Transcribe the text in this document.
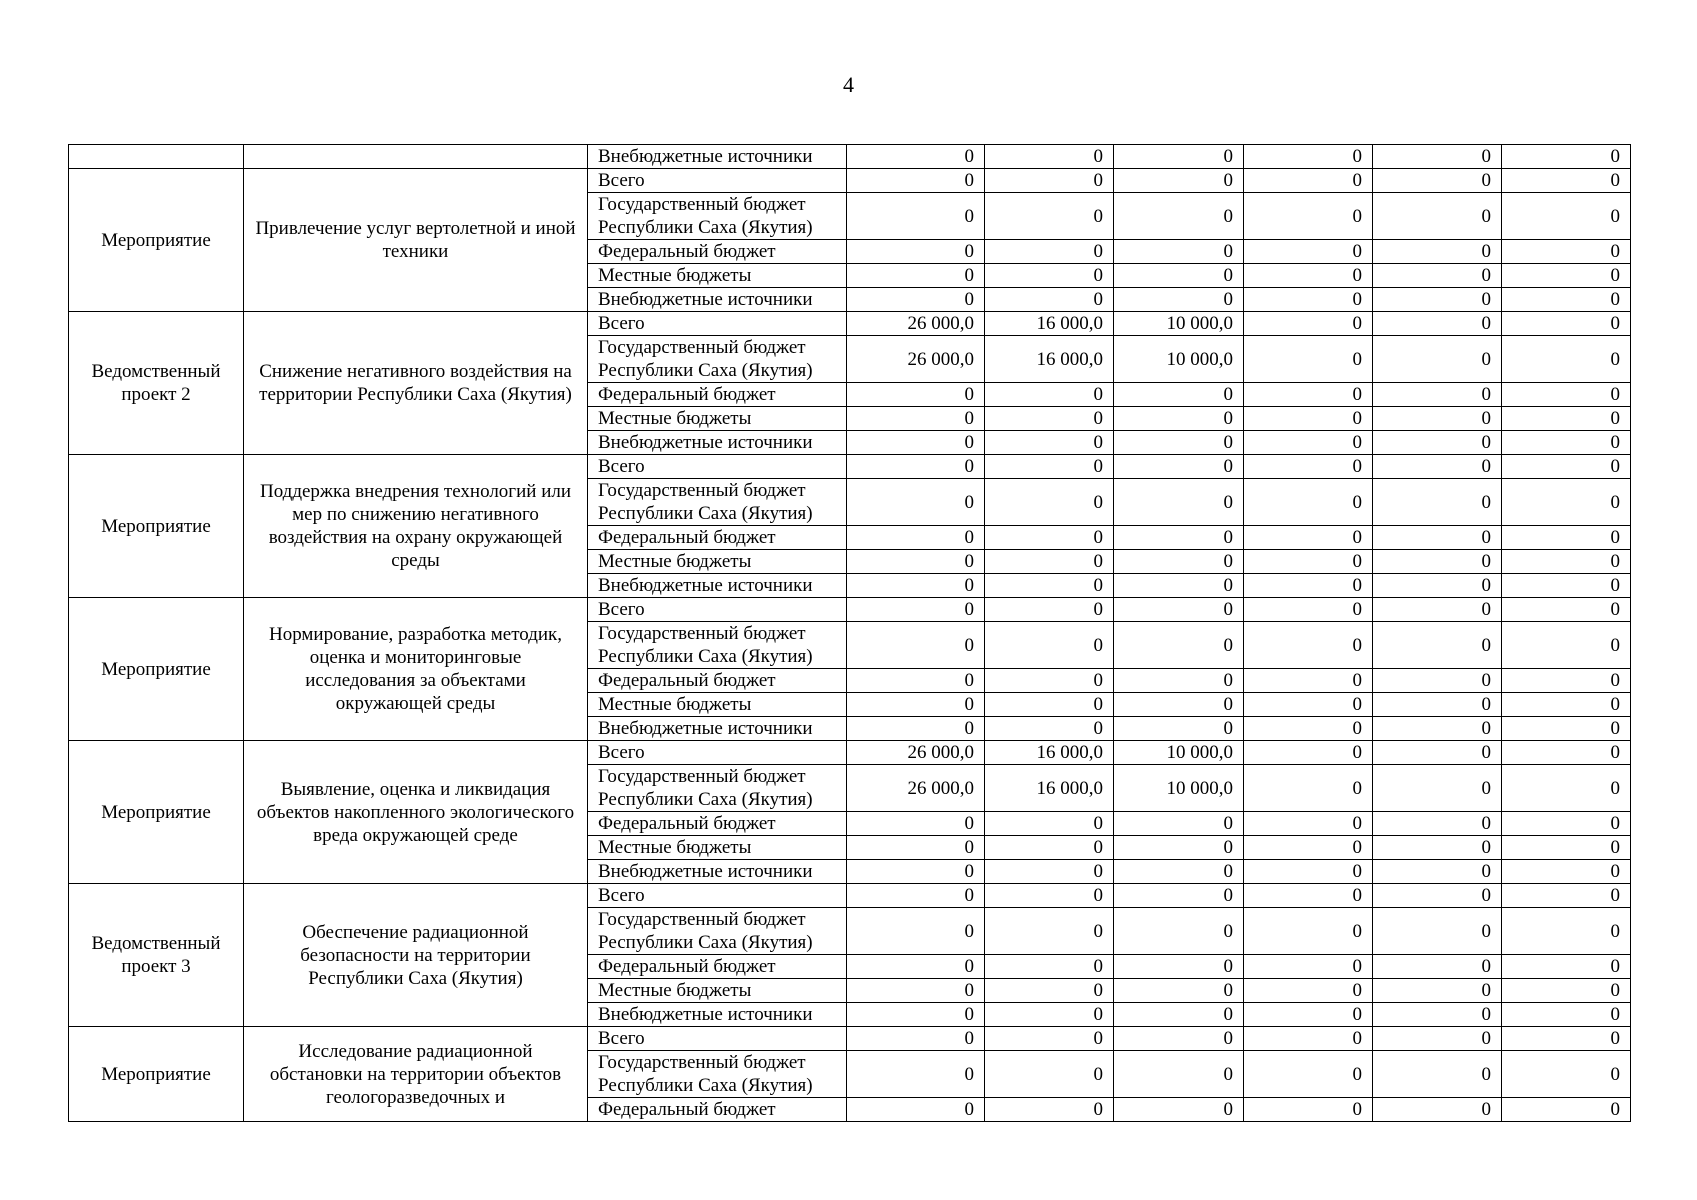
4
		Внебюджетные источники	0	0	0	0	0	0
Мероприятие	Привлечение услуг вертолетной и иной техники	Всего	0	0	0	0	0	0
		Государственный бюджет Республики Саха (Якутия)	0	0	0	0	0	0
		Федеральный бюджет	0	0	0	0	0	0
		Местные бюджеты	0	0	0	0	0	0
		Внебюджетные источники	0	0	0	0	0	0
Ведомственный проект 2	Снижение негативного воздействия на территории Республики Саха (Якутия)	Всего	26 000,0	16 000,0	10 000,0	0	0	0
		Государственный бюджет Республики Саха (Якутия)	26 000,0	16 000,0	10 000,0	0	0	0
		Федеральный бюджет	0	0	0	0	0	0
		Местные бюджеты	0	0	0	0	0	0
		Внебюджетные источники	0	0	0	0	0	0
Мероприятие	Поддержка внедрения технологий или мер по снижению негативного воздействия на охрану окружающей среды	Всего	0	0	0	0	0	0
		Государственный бюджет Республики Саха (Якутия)	0	0	0	0	0	0
		Федеральный бюджет	0	0	0	0	0	0
		Местные бюджеты	0	0	0	0	0	0
		Внебюджетные источники	0	0	0	0	0	0
Мероприятие	Нормирование, разработка методик, оценка и мониторинговые исследования за объектами окружающей среды	Всего	0	0	0	0	0	0
		Государственный бюджет Республики Саха (Якутия)	0	0	0	0	0	0
		Федеральный бюджет	0	0	0	0	0	0
		Местные бюджеты	0	0	0	0	0	0
		Внебюджетные источники	0	0	0	0	0	0
Мероприятие	Выявление, оценка и ликвидация объектов накопленного экологического вреда окружающей среде	Всего	26 000,0	16 000,0	10 000,0	0	0	0
		Государственный бюджет Республики Саха (Якутия)	26 000,0	16 000,0	10 000,0	0	0	0
		Федеральный бюджет	0	0	0	0	0	0
		Местные бюджеты	0	0	0	0	0	0
		Внебюджетные источники	0	0	0	0	0	0
Ведомственный проект 3	Обеспечение радиационной безопасности на территории Республики Саха (Якутия)	Всего	0	0	0	0	0	0
		Государственный бюджет Республики Саха (Якутия)	0	0	0	0	0	0
		Федеральный бюджет	0	0	0	0	0	0
		Местные бюджеты	0	0	0	0	0	0
		Внебюджетные источники	0	0	0	0	0	0
Мероприятие	Исследование радиационной обстановки на территории объектов геологоразведочных и	Всего	0	0	0	0	0	0
		Государственный бюджет Республики Саха (Якутия)	0	0	0	0	0	0
		Федеральный бюджет	0	0	0	0	0	0
